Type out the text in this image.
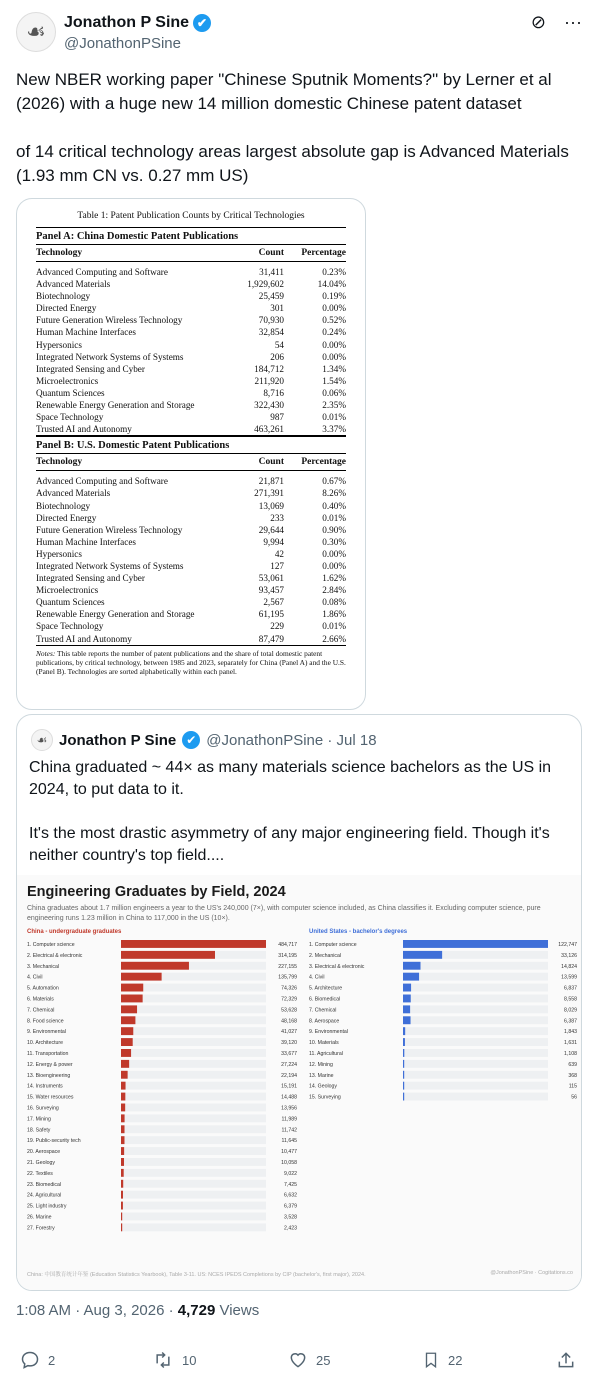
☙	Jonathon P Sine ✔
@JonathonPSine
⊘ ···

New NBER working paper "Chinese Sputnik Moments?" by Lerner et al (2026) with a huge new 14 million domestic Chinese patent dataset

of 14 critical technology areas largest absolute gap is Advanced Materials (1.93 mm CN vs. 0.27 mm US)

Table 1: Patent Publication Counts by Critical Technologies
Panel A: China Domestic Patent Publications
Technology	Count	Percentage
Advanced Computing and Software	31,411	0.23%
Advanced Materials	1,929,602	14.04%
Biotechnology	25,459	0.19%
Directed Energy	301	0.00%
Future Generation Wireless Technology	70,930	0.52%
Human Machine Interfaces	32,854	0.24%
Hypersonics	54	0.00%
Integrated Network Systems of Systems	206	0.00%
Integrated Sensing and Cyber	184,712	1.34%
Microelectronics	211,920	1.54%
Quantum Sciences	8,716	0.06%
Renewable Energy Generation and Storage	322,430	2.35%
Space Technology	987	0.01%
Trusted AI and Autonomy	463,261	3.37%
Panel B: U.S. Domestic Patent Publications
Technology	Count	Percentage
Advanced Computing and Software	21,871	0.67%
Advanced Materials	271,391	8.26%
Biotechnology	13,069	0.40%
Directed Energy	233	0.01%
Future Generation Wireless Technology	29,644	0.90%
Human Machine Interfaces	9,994	0.30%
Hypersonics	42	0.00%
Integrated Network Systems of Systems	127	0.00%
Integrated Sensing and Cyber	53,061	1.62%
Microelectronics	93,457	2.84%
Quantum Sciences	2,567	0.08%
Renewable Energy Generation and Storage	61,195	1.86%
Space Technology	229	0.01%
Trusted AI and Autonomy	87,479	2.66%
Notes: This table reports the number of patent publications and the share of total domestic patent publications, by critical technology, between 1985 and 2023, separately for China (Panel A) and the U.S. (Panel B). Technologies are sorted alphabetically within each panel.
☙ Jonathon P Sine ✔ @JonathonPSine · Jul 18

China graduated ~ 44× as many materials science bachelors as the US in 2024, to put data to it.

It's the most drastic asymmetry of any major engineering field. Though it's neither country's top field....

Engineering Graduates by Field, 2024
China graduates about 1.7 million engineers a year to the US's 240,000 (7×), with computer science included, as China classifies it. Excluding computer science, pure engineering runs 1.23 million in China to 117,000 in the US (10×).
China - undergraduate graduates
1. Computer science	484,717
2. Electrical & electronic	314,195
3. Mechanical	227,155
4. Civil	135,799
5. Automation	74,326
6. Materials	72,329
7. Chemical	53,628
8. Food science	48,168
9. Environmental	41,027
10. Architecture	39,120
11. Transportation	33,677
12. Energy & power	27,224
13. Bioengineering	22,194
14. Instruments	15,191
15. Water resources	14,488
16. Surveying	13,956
17. Mining	11,989
18. Safety	11,742
19. Public-security tech	11,645
20. Aerospace	10,477
21. Geology	10,058
22. Textiles	9,022
23. Biomedical	7,425
24. Agricultural	6,632
25. Light industry	6,379
26. Marine	3,528
27. Forestry	2,423
United States - bachelor's degrees
1. Computer science	122,747
2. Mechanical	33,126
3. Electrical & electronic	14,824
4. Civil	13,599
5. Architecture	6,837
6. Biomedical	8,558
7. Chemical	8,029
8. Aerospace	6,387
9. Environmental	1,843
10. Materials	1,631
11. Agricultural	1,108
12. Mining	639
13. Marine	368
14. Geology	115
15. Surveying	56
China: 中国教育统计年鉴 (Education Statistics Yearbook), Table 3-11. US: NCES IPEDS Completions by CIP (bachelor's, first major), 2024.	@JonathonPSine · Cogitations.co
1:08 AM · Aug 3, 2026 · 4,729 Views
2	10	25	22
